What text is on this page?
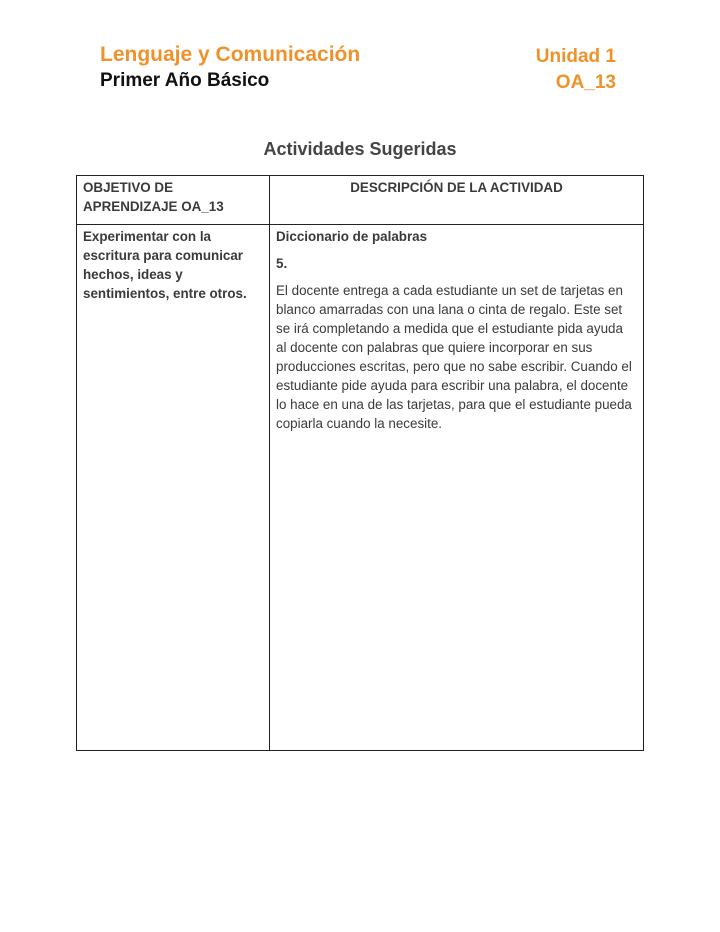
Lenguaje y Comunicación
Primer Año Básico
Unidad 1
OA_13
Actividades Sugeridas
OBJETIVO DE APRENDIZAJE OA_13	DESCRIPCIÓN DE LA ACTIVIDAD
Experimentar con la escritura para comunicar hechos, ideas y sentimientos, entre otros.	Diccionario de palabras
5.
El docente entrega a cada estudiante un set de tarjetas en blanco amarradas con una lana o cinta de regalo. Este set se irá completando a medida que el estudiante pida ayuda al docente con palabras que quiere incorporar en sus producciones escritas, pero que no sabe escribir. Cuando el estudiante pide ayuda para escribir una palabra, el docente lo hace en una de las tarjetas, para que el estudiante pueda copiarla cuando la necesite.
